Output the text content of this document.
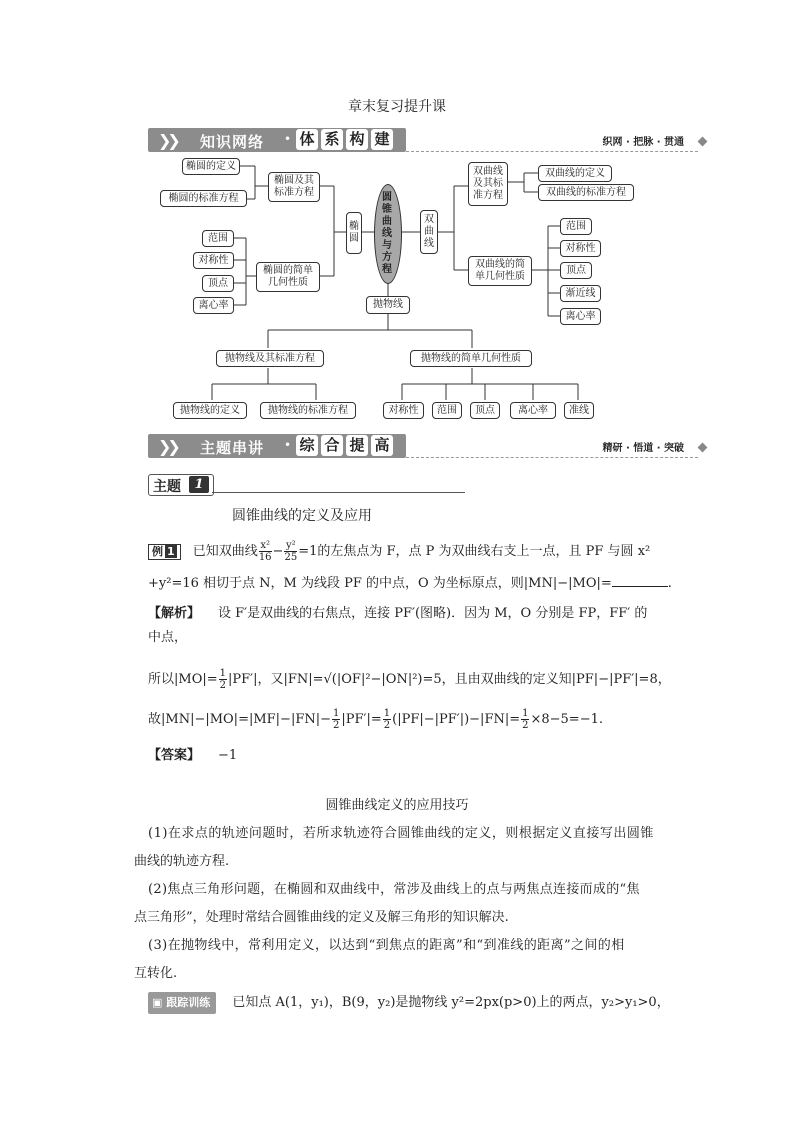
章末复习提升课
❯❯ 知识网络 • 体 系 构 建	织网 · 把脉 · 贯通
圆锥曲线与方程
椭圆
双曲线
抛物线
椭圆及其标准方程
椭圆的定义
椭圆的标准方程
椭圆的简单几何性质
范围
对称性
顶点
离心率
双曲线及其标准方程
双曲线的定义
双曲线的标准方程
双曲线的简单几何性质
范围
对称性
顶点
渐近线
离心率
抛物线及其标准方程	抛物线的简单几何性质
抛物线的定义	抛物线的标准方程	对称性	范围	顶点	离心率	准线
❯❯ 主题串讲 • 综 合 提 高	精研 · 悟道 · 突破
主题	1
圆锥曲线的定义及应用
例 1 已知双曲线 $\frac{\text{x²}}{16} - \frac{\text{y²}}{25} =1$的左焦点为 F，点 P 为双曲线右支上一点，且 PF 与圆 x²
+y²=16 相切于点 N，M 为线段 PF 的中点，O 为坐标原点，则|MN|−|MO|=	.
【解析】 设 F′是双曲线的右焦点，连接 PF′(图略)．因为 M，O 分别是 FP，FF′ 的
中点，
所以$|MO|= \frac{1}{2} |PF'|$，又|FN|=√(|OF|²−|ON|²)=5，且由双曲线的定义知|PF|−|PF′|=8，
故$|MN|-|MO|=|MF|-|FN|- \frac{1}{2} |PF'|= \frac{1}{2} (|PF|-|PF'|)-|FN|= \frac{1}{2} \times 8-5=-1$.
【答案】 −1
圆锥曲线定义的应用技巧
(1)在求点的轨迹问题时，若所求轨迹符合圆锥曲线的定义，则根据定义直接写出圆锥
曲线的轨迹方程.
(2)焦点三角形问题，在椭圆和双曲线中，常涉及曲线上的点与两焦点连接而成的“焦
点三角形”，处理时常结合圆锥曲线的定义及解三角形的知识解决.
(3)在抛物线中，常利用定义，以达到“到焦点的距离”和“到准线的距离”之间的相
互转化.
▣ 跟踪训练 已知点 A(1，y₁)，B(9，y₂)是抛物线 y²=2px(p>0)上的两点，y₂>y₁>0，
